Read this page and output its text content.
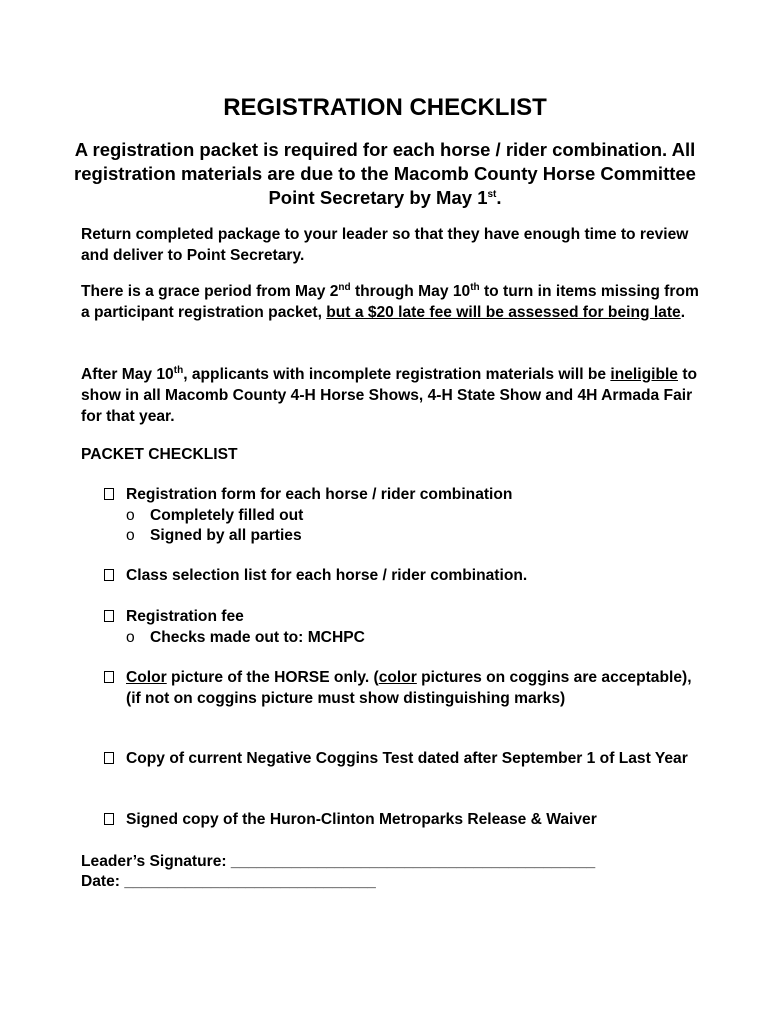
REGISTRATION CHECKLIST
A registration packet is required for each horse / rider combination. All registration materials are due to the Macomb County Horse Committee Point Secretary by May 1st.
Return completed package to your leader so that they have enough time to review and deliver to Point Secretary.
There is a grace period from May 2nd through May 10th to turn in items missing from a participant registration packet, but a $20 late fee will be assessed for being late.
After May 10th, applicants with incomplete registration materials will be ineligible to show in all Macomb County 4-H Horse Shows, 4-H State Show and 4H Armada Fair for that year.
PACKET CHECKLIST
Registration form for each horse / rider combination
o Completely filled out
o Signed by all parties
Class selection list for each horse / rider combination.
Registration fee
o Checks made out to: MCHPC
Color picture of the HORSE only. (color pictures on coggins are acceptable), (if not on coggins picture must show distinguishing marks)
Copy of current Negative Coggins Test dated after September 1 of Last Year
Signed copy of the Huron-Clinton Metroparks Release & Waiver
Leader’s Signature: __________________________________________
Date: _____________________________
